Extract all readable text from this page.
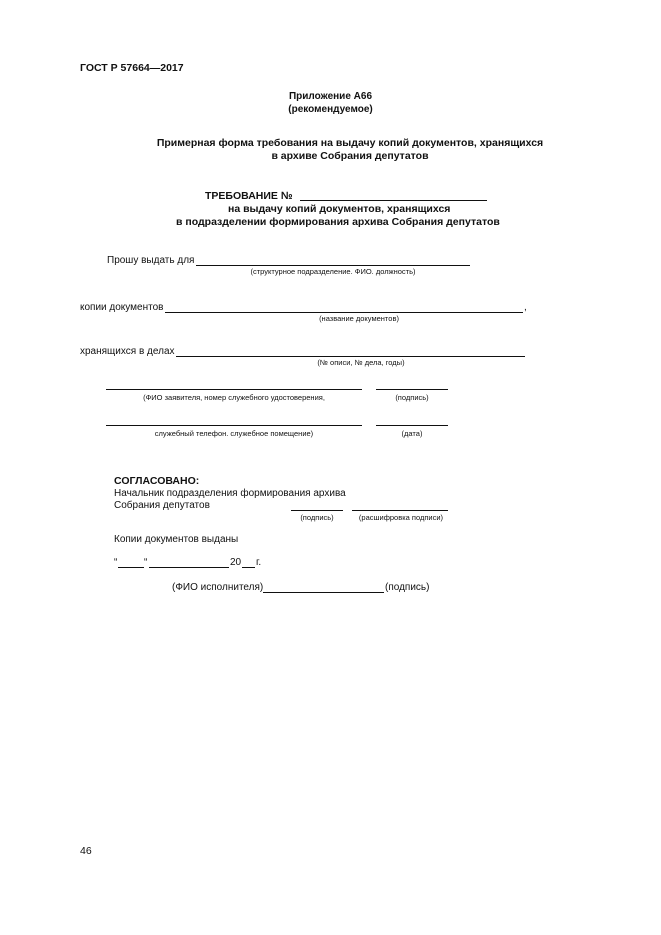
ГОСТ Р 57664—2017
Приложение А66
(рекомендуемое)
Примерная форма требования на выдачу копий документов, хранящихся
в архиве Собрания депутатов
ТРЕБОВАНИЕ №
на выдачу копий документов, хранящихся
в подразделении формирования архива Собрания депутатов
Прошу выдать для
(структурное подразделение. ФИО. должность)
копии документов	,
(название документов)
хранящихся в делах
(№ описи, № дела, годы)
(ФИО заявителя, номер служебного удостоверения,	(подпись)
служебный телефон. служебное помещение)	(дата)
СОГЛАСОВАНО:
Начальник подразделения формирования архива
Собрания депутатов
(подпись)	(расшифровка подписи)
Копии документов выданы
“	“	20 г.
(ФИО исполнителя)	(подпись)
46
